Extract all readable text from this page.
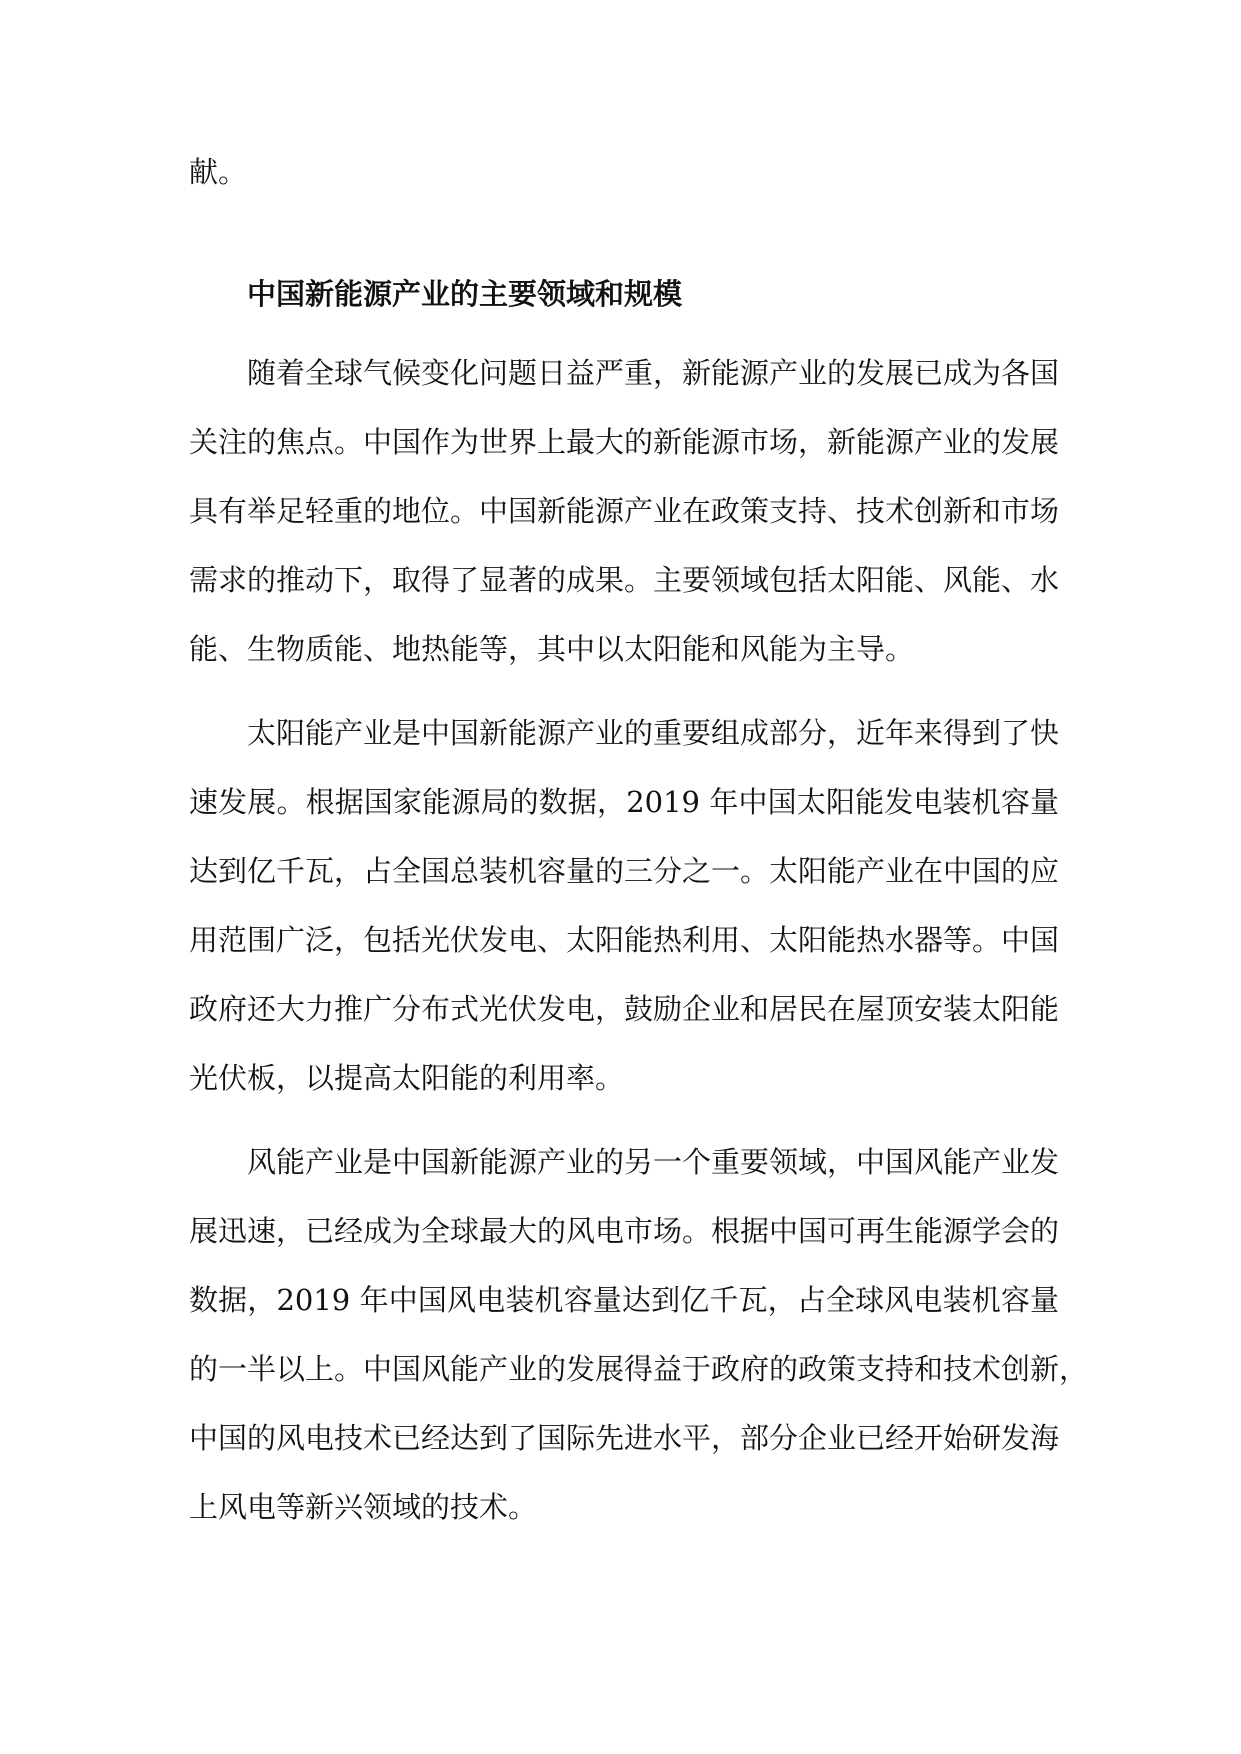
献。

中国新能源产业的主要领域和规模
随着全球气候变化问题日益严重，新能源产业的发展已成为各国
关注的焦点。中国作为世界上最大的新能源市场，新能源产业的发展
具有举足轻重的地位。中国新能源产业在政策支持、技术创新和市场
需求的推动下，取得了显著的成果。主要领域包括太阳能、风能、水
能、生物质能、地热能等，其中以太阳能和风能为主导。
太阳能产业是中国新能源产业的重要组成部分，近年来得到了快
速发展。根据国家能源局的数据，2019 年中国太阳能发电装机容量
达到亿千瓦，占全国总装机容量的三分之一。太阳能产业在中国的应
用范围广泛，包括光伏发电、太阳能热利用、太阳能热水器等。中国
政府还大力推广分布式光伏发电，鼓励企业和居民在屋顶安装太阳能
光伏板，以提高太阳能的利用率。
风能产业是中国新能源产业的另一个重要领域，中国风能产业发
展迅速，已经成为全球最大的风电市场。根据中国可再生能源学会的
数据，2019 年中国风电装机容量达到亿千瓦，占全球风电装机容量
的一半以上。中国风能产业的发展得益于政府的政策支持和技术创新，
中国的风电技术已经达到了国际先进水平，部分企业已经开始研发海
上风电等新兴领域的技术。
